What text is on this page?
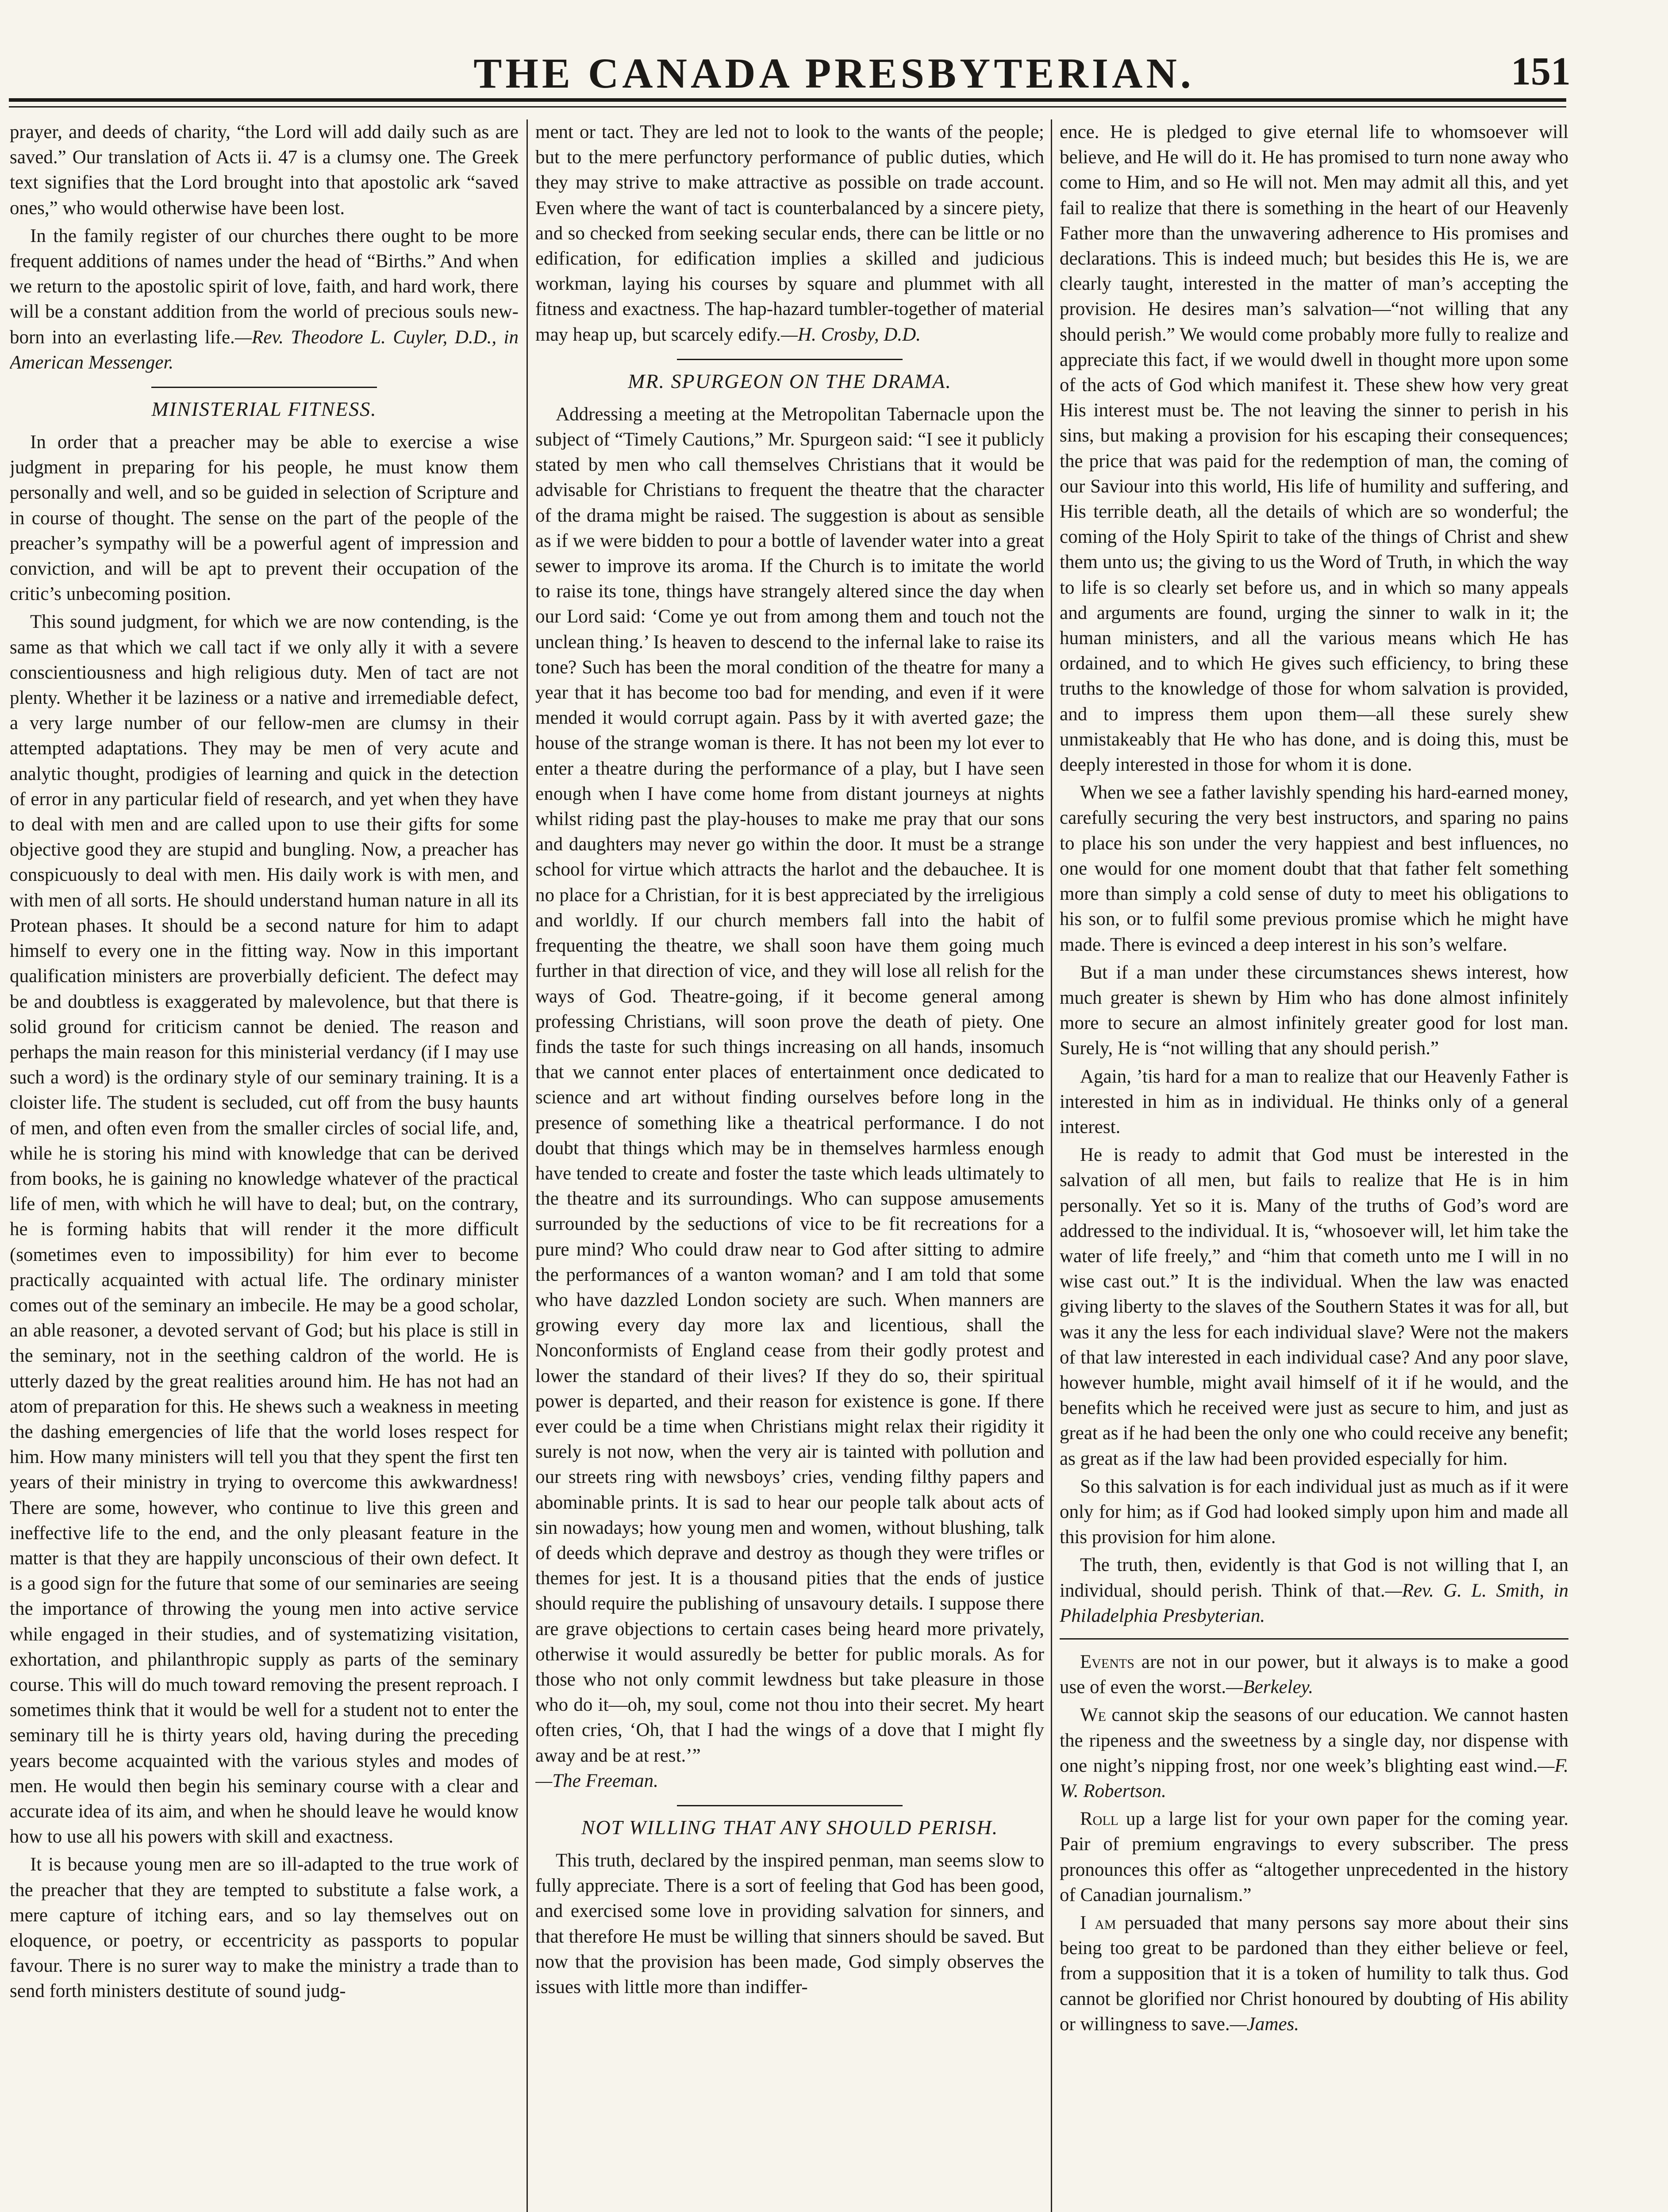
THE CANADA PRESBYTERIAN.	151

prayer, and deeds of charity, “the Lord will add daily such as are saved.” Our translation of Acts ii. 47 is a clumsy one. The Greek text signifies that the Lord brought into that apostolic ark “saved ones,” who would otherwise have been lost.

In the family register of our churches there ought to be more frequent additions of names under the head of “Births.” And when we return to the apostolic spirit of love, faith, and hard work, there will be a constant addition from the world of precious souls new-born into an everlasting life.—Rev. Theodore L. Cuyler, D.D., in American Messenger.

MINISTERIAL FITNESS.

In order that a preacher may be able to exercise a wise judgment in preparing for his people, he must know them personally and well, and so be guided in selection of Scripture and in course of thought. The sense on the part of the people of the preacher’s sympathy will be a powerful agent of impression and conviction, and will be apt to prevent their occupation of the critic’s unbecoming position.

This sound judgment, for which we are now contending, is the same as that which we call tact if we only ally it with a severe conscientiousness and high religious duty. Men of tact are not plenty. Whether it be laziness or a native and irremediable defect, a very large number of our fellow-men are clumsy in their attempted adaptations. They may be men of very acute and analytic thought, prodigies of learning and quick in the detection of error in any particular field of research, and yet when they have to deal with men and are called upon to use their gifts for some objective good they are stupid and bungling. Now, a preacher has conspicuously to deal with men. His daily work is with men, and with men of all sorts. He should understand human nature in all its Protean phases. It should be a second nature for him to adapt himself to every one in the fitting way. Now in this important qualification ministers are proverbially deficient. The defect may be and doubtless is exaggerated by malevolence, but that there is solid ground for criticism cannot be denied. The reason and perhaps the main reason for this ministerial verdancy (if I may use such a word) is the ordinary style of our seminary training. It is a cloister life. The student is secluded, cut off from the busy haunts of men, and often even from the smaller circles of social life, and, while he is storing his mind with knowledge that can be derived from books, he is gaining no knowledge whatever of the practical life of men, with which he will have to deal; but, on the contrary, he is forming habits that will render it the more difficult (sometimes even to impossibility) for him ever to become practically acquainted with actual life. The ordinary minister comes out of the seminary an imbecile. He may be a good scholar, an able reasoner, a devoted servant of God; but his place is still in the seminary, not in the seething caldron of the world. He is utterly dazed by the great realities around him. He has not had an atom of preparation for this. He shews such a weakness in meeting the dashing emergencies of life that the world loses respect for him. How many ministers will tell you that they spent the first ten years of their ministry in trying to overcome this awkwardness! There are some, however, who continue to live this green and ineffective life to the end, and the only pleasant feature in the matter is that they are happily unconscious of their own defect. It is a good sign for the future that some of our seminaries are seeing the importance of throwing the young men into active service while engaged in their studies, and of systematizing visitation, exhortation, and philanthropic supply as parts of the seminary course. This will do much toward removing the present reproach. I sometimes think that it would be well for a student not to enter the seminary till he is thirty years old, having during the preceding years become acquainted with the various styles and modes of men. He would then begin his seminary course with a clear and accurate idea of its aim, and when he should leave he would know how to use all his powers with skill and exactness.

It is because young men are so ill-adapted to the true work of the preacher that they are tempted to substitute a false work, a mere capture of itching ears, and so lay themselves out on eloquence, or poetry, or eccentricity as passports to popular favour. There is no surer way to make the ministry a trade than to send forth ministers destitute of sound judg-

ment or tact. They are led not to look to the wants of the people; but to the mere perfunctory performance of public duties, which they may strive to make attractive as possible on trade account. Even where the want of tact is counterbalanced by a sincere piety, and so checked from seeking secular ends, there can be little or no edification, for edification implies a skilled and judicious workman, laying his courses by square and plummet with all fitness and exactness. The hap-hazard tumbler-together of material may heap up, but scarcely edify.—H. Crosby, D.D.

MR. SPURGEON ON THE DRAMA.

Addressing a meeting at the Metropolitan Tabernacle upon the subject of “Timely Cautions,” Mr. Spurgeon said: “I see it publicly stated by men who call themselves Christians that it would be advisable for Christians to frequent the theatre that the character of the drama might be raised. The suggestion is about as sensible as if we were bidden to pour a bottle of lavender water into a great sewer to improve its aroma. If the Church is to imitate the world to raise its tone, things have strangely altered since the day when our Lord said: ‘Come ye out from among them and touch not the unclean thing.’ Is heaven to descend to the infernal lake to raise its tone? Such has been the moral condition of the theatre for many a year that it has become too bad for mending, and even if it were mended it would corrupt again. Pass by it with averted gaze; the house of the strange woman is there. It has not been my lot ever to enter a theatre during the performance of a play, but I have seen enough when I have come home from distant journeys at nights whilst riding past the play-houses to make me pray that our sons and daughters may never go within the door. It must be a strange school for virtue which attracts the harlot and the debauchee. It is no place for a Christian, for it is best appreciated by the irreligious and worldly. If our church members fall into the habit of frequenting the theatre, we shall soon have them going much further in that direction of vice, and they will lose all relish for the ways of God. Theatre-going, if it become general among professing Christians, will soon prove the death of piety. One finds the taste for such things increasing on all hands, insomuch that we cannot enter places of entertainment once dedicated to science and art without finding ourselves before long in the presence of something like a theatrical performance. I do not doubt that things which may be in themselves harmless enough have tended to create and foster the taste which leads ultimately to the theatre and its surroundings. Who can suppose amusements surrounded by the seductions of vice to be fit recreations for a pure mind? Who could draw near to God after sitting to admire the performances of a wanton woman? and I am told that some who have dazzled London society are such. When manners are growing every day more lax and licentious, shall the Nonconformists of England cease from their godly protest and lower the standard of their lives? If they do so, their spiritual power is departed, and their reason for existence is gone. If there ever could be a time when Christians might relax their rigidity it surely is not now, when the very air is tainted with pollution and our streets ring with newsboys’ cries, vending filthy papers and abominable prints. It is sad to hear our people talk about acts of sin nowadays; how young men and women, without blushing, talk of deeds which deprave and destroy as though they were trifles or themes for jest. It is a thousand pities that the ends of justice should require the publishing of unsavoury details. I suppose there are grave objections to certain cases being heard more privately, otherwise it would assuredly be better for public morals. As for those who not only commit lewdness but take pleasure in those who do it—oh, my soul, come not thou into their secret. My heart often cries, ‘Oh, that I had the wings of a dove that I might fly away and be at rest.’”
—The Freeman.

NOT WILLING THAT ANY SHOULD PERISH.

This truth, declared by the inspired penman, man seems slow to fully appreciate. There is a sort of feeling that God has been good, and exercised some love in providing salvation for sinners, and that therefore He must be willing that sinners should be saved. But now that the provision has been made, God simply observes the issues with little more than indiffer-

ence. He is pledged to give eternal life to whomsoever will believe, and He will do it. He has promised to turn none away who come to Him, and so He will not. Men may admit all this, and yet fail to realize that there is something in the heart of our Heavenly Father more than the unwavering adherence to His promises and declarations. This is indeed much; but besides this He is, we are clearly taught, interested in the matter of man’s accepting the provision. He desires man’s salvation—“not willing that any should perish.” We would come probably more fully to realize and appreciate this fact, if we would dwell in thought more upon some of the acts of God which manifest it. These shew how very great His interest must be. The not leaving the sinner to perish in his sins, but making a provision for his escaping their consequences; the price that was paid for the redemption of man, the coming of our Saviour into this world, His life of humility and suffering, and His terrible death, all the details of which are so wonderful; the coming of the Holy Spirit to take of the things of Christ and shew them unto us; the giving to us the Word of Truth, in which the way to life is so clearly set before us, and in which so many appeals and arguments are found, urging the sinner to walk in it; the human ministers, and all the various means which He has ordained, and to which He gives such efficiency, to bring these truths to the knowledge of those for whom salvation is provided, and to impress them upon them—all these surely shew unmistakeably that He who has done, and is doing this, must be deeply interested in those for whom it is done.

When we see a father lavishly spending his hard-earned money, carefully securing the very best instructors, and sparing no pains to place his son under the very happiest and best influences, no one would for one moment doubt that that father felt something more than simply a cold sense of duty to meet his obligations to his son, or to fulfil some previous promise which he might have made. There is evinced a deep interest in his son’s welfare.

But if a man under these circumstances shews interest, how much greater is shewn by Him who has done almost infinitely more to secure an almost infinitely greater good for lost man. Surely, He is “not willing that any should perish.”

Again, ’tis hard for a man to realize that our Heavenly Father is interested in him as in individual. He thinks only of a general interest.

He is ready to admit that God must be interested in the salvation of all men, but fails to realize that He is in him personally. Yet so it is. Many of the truths of God’s word are addressed to the individual. It is, “whosoever will, let him take the water of life freely,” and “him that cometh unto me I will in no wise cast out.” It is the individual. When the law was enacted giving liberty to the slaves of the Southern States it was for all, but was it any the less for each individual slave? Were not the makers of that law interested in each individual case? And any poor slave, however humble, might avail himself of it if he would, and the benefits which he received were just as secure to him, and just as great as if he had been the only one who could receive any benefit; as great as if the law had been provided especially for him.

So this salvation is for each individual just as much as if it were only for him; as if God had looked simply upon him and made all this provision for him alone.

The truth, then, evidently is that God is not willing that I, an individual, should perish. Think of that.—Rev. G. L. Smith, in Philadelphia Presbyterian.

Events are not in our power, but it always is to make a good use of even the worst.—Berkeley.

We cannot skip the seasons of our education. We cannot hasten the ripeness and the sweetness by a single day, nor dispense with one night’s nipping frost, nor one week’s blighting east wind.—F. W. Robertson.

Roll up a large list for your own paper for the coming year. Pair of premium engravings to every subscriber. The press pronounces this offer as “altogether unprecedented in the history of Canadian journalism.”

I am persuaded that many persons say more about their sins being too great to be pardoned than they either believe or feel, from a supposition that it is a token of humility to talk thus. God cannot be glorified nor Christ honoured by doubting of His ability or willingness to save.—James.
